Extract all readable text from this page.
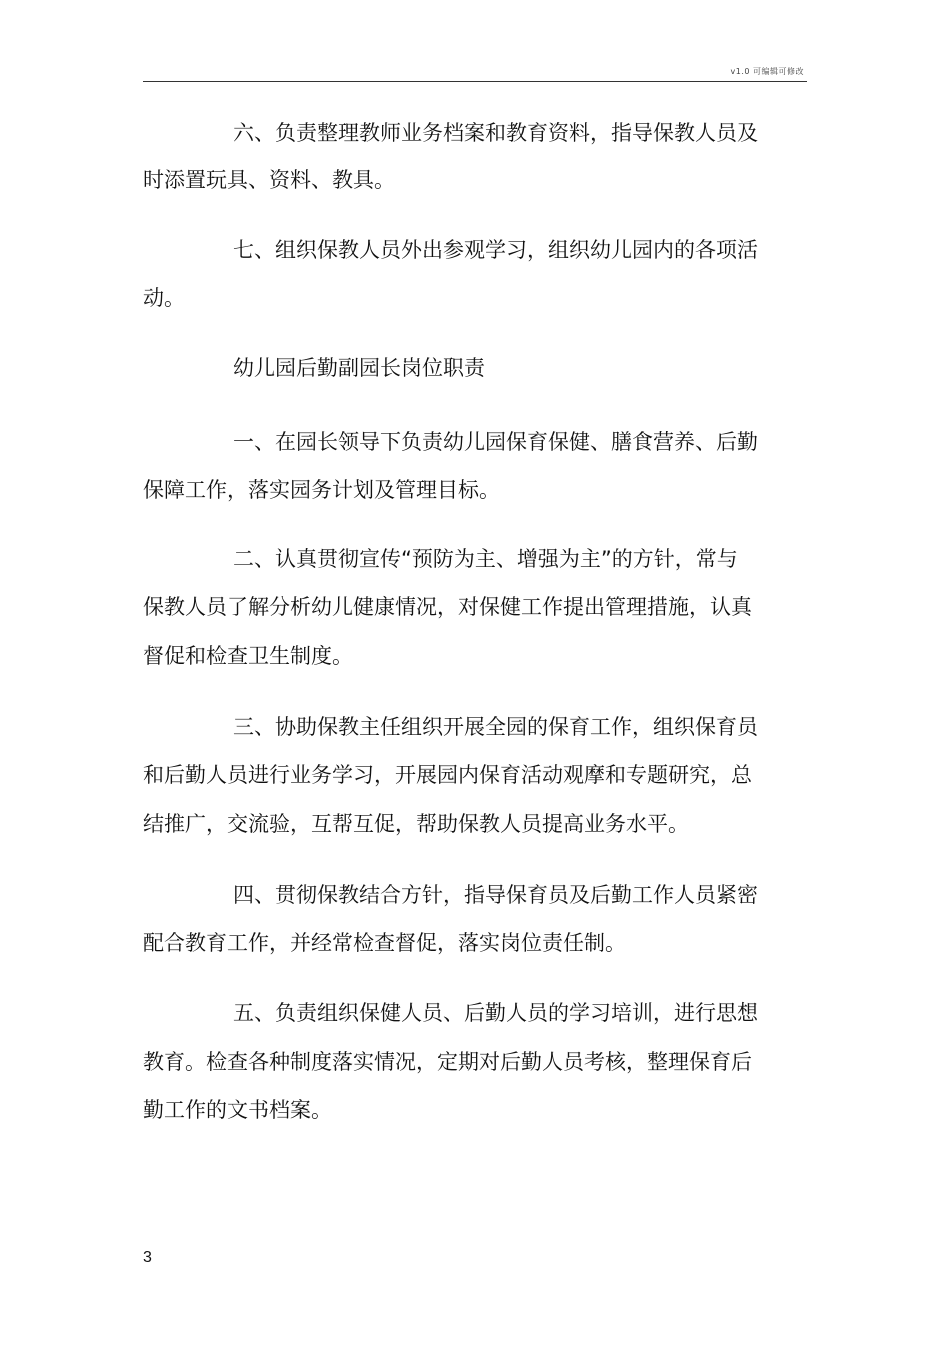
v1.0 可编辑可修改
六、负责整理教师业务档案和教育资料，指导保教人员及
时添置玩具、资料、教具。
七、组织保教人员外出参观学习，组织幼儿园内的各项活
动。
幼儿园后勤副园长岗位职责
一、在园长领导下负责幼儿园保育保健、膳食营养、后勤
保障工作，落实园务计划及管理目标。
二、认真贯彻宣传“预防为主、增强为主”的方针，常与
保教人员了解分析幼儿健康情况，对保健工作提出管理措施，认真
督促和检查卫生制度。
三、协助保教主任组织开展全园的保育工作，组织保育员
和后勤人员进行业务学习，开展园内保育活动观摩和专题研究，总
结推广，交流验，互帮互促，帮助保教人员提高业务水平。
四、贯彻保教结合方针，指导保育员及后勤工作人员紧密
配合教育工作，并经常检查督促，落实岗位责任制。
五、负责组织保健人员、后勤人员的学习培训，进行思想
教育。检查各种制度落实情况，定期对后勤人员考核，整理保育后
勤工作的文书档案。
3
